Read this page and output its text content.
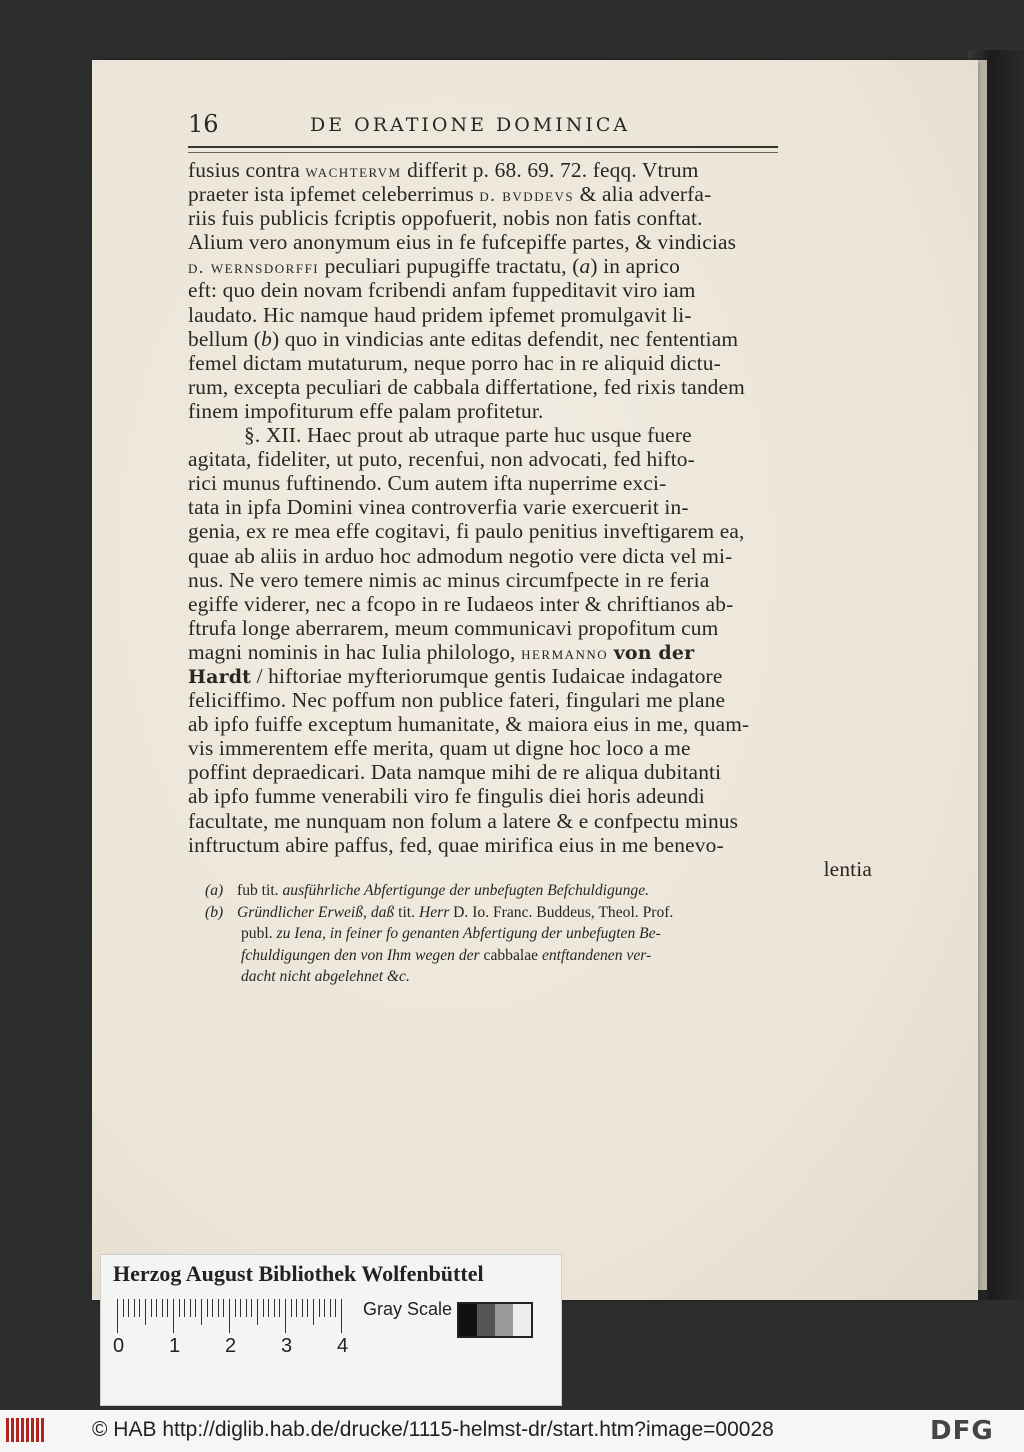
16	DE ORATIONE DOMINICA
fusius contra wachtervm differit p. 68. 69. 72. feqq. Vtrum
praeter ista ipfemet celeberrimus d. bvddevs & alia adverfa-
riis fuis publicis fcriptis oppofuerit, nobis non fatis conftat.
Alium vero anonymum eius in fe fufcepiffe partes, & vindicias
d. wernsdorffi peculiari pupugiffe tractatu, (a) in aprico
eft: quo dein novam fcribendi anfam fuppeditavit viro iam
laudato. Hic namque haud pridem ipfemet promulgavit li-
bellum (b) quo in vindicias ante editas defendit, nec fententiam
femel dictam mutaturum, neque porro hac in re aliquid dictu-
rum, excepta peculiari de cabbala differtatione, fed rixis tandem
finem impofiturum effe palam profitetur.
§. XII. Haec prout ab utraque parte huc usque fuere
agitata, fideliter, ut puto, recenfui, non advocati, fed hifto-
rici munus fuftinendo. Cum autem ifta nuperrime exci-
tata in ipfa Domini vinea controverfia varie exercuerit in-
genia, ex re mea effe cogitavi, fi paulo penitius inveftigarem ea,
quae ab aliis in arduo hoc admodum negotio vere dicta vel mi-
nus. Ne vero temere nimis ac minus circumfpecte in re feria
egiffe viderer, nec a fcopo in re Iudaeos inter & chriftianos ab-
ftrufa longe aberrarem, meum communicavi propofitum cum
magni nominis in hac Iulia philologo, hermanno von der
Hardt / hiftoriae myfteriorumque gentis Iudaicae indagatore
feliciffimo. Nec poffum non publice fateri, fingulari me plane
ab ipfo fuiffe exceptum humanitate, & maiora eius in me, quam-
vis immerentem effe merita, quam ut digne hoc loco a me
poffint depraedicari. Data namque mihi de re aliqua dubitanti
ab ipfo fumme venerabili viro fe fingulis diei horis adeundi
facultate, me nunquam non folum a latere & e confpectu minus
inftructum abire paffus, fed, quae mirifica eius in me benevo-
lentia
(a) fub tit. ausführliche Abfertigunge der unbefugten Befchuldigunge.
(b) Gründlicher Erweiß, daß tit. Herr D. Io. Franc. Buddeus, Theol. Prof.
publ. zu Iena, in feiner fo genanten Abfertigung der unbefugten Be-
fchuldigungen den von Ihm wegen der cabbalae entftandenen ver-
dacht nicht abgelehnet &c.
Herzog August Bibliothek Wolfenbüttel
0 1 2 3 4
Gray Scale
© HAB http://diglib.hab.de/drucke/1115-helmst-dr/start.htm?image=00028	DFG
